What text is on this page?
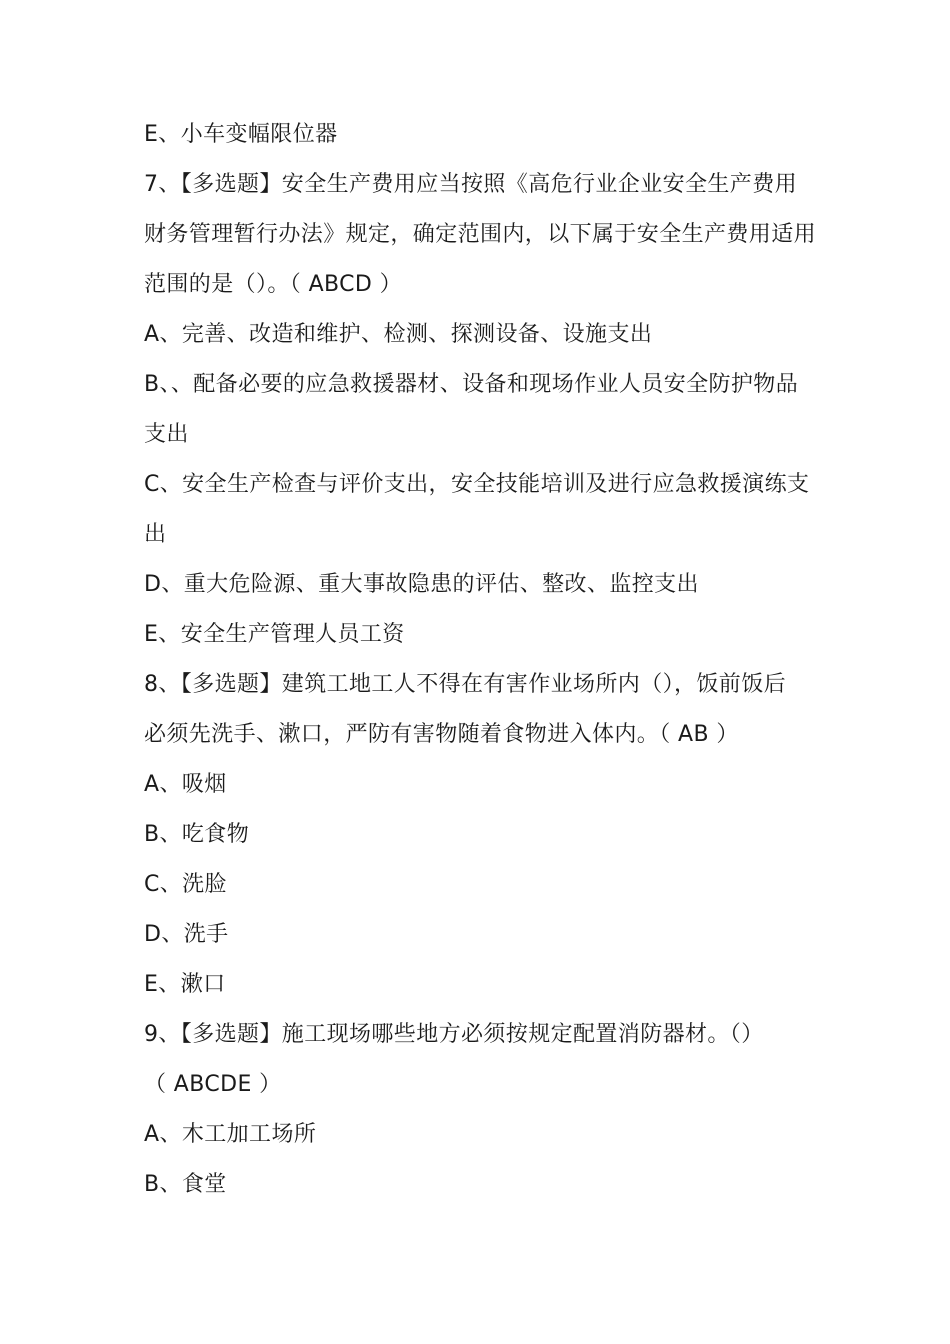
E、小车变幅限位器
7、【多选题】安全生产费用应当按照《高危行业企业安全生产费用
财务管理暂行办法》规定，确定范围内，以下属于安全生产费用适用
范围的是（）。（ ABCD ）
A、完善、改造和维护、检测、探测设备、设施支出
B、、配备必要的应急救援器材、设备和现场作业人员安全防护物品
支出
C、安全生产检查与评价支出，安全技能培训及进行应急救援演练支
出
D、重大危险源、重大事故隐患的评估、整改、监控支出
E、安全生产管理人员工资
8、【多选题】建筑工地工人不得在有害作业场所内（），饭前饭后
必须先洗手、漱口，严防有害物随着食物进入体内。（ AB ）
A、吸烟
B、吃食物
C、洗脸
D、洗手
E、漱口
9、【多选题】施工现场哪些地方必须按规定配置消防器材。（）
（ ABCDE ）
A、木工加工场所
B、食堂
